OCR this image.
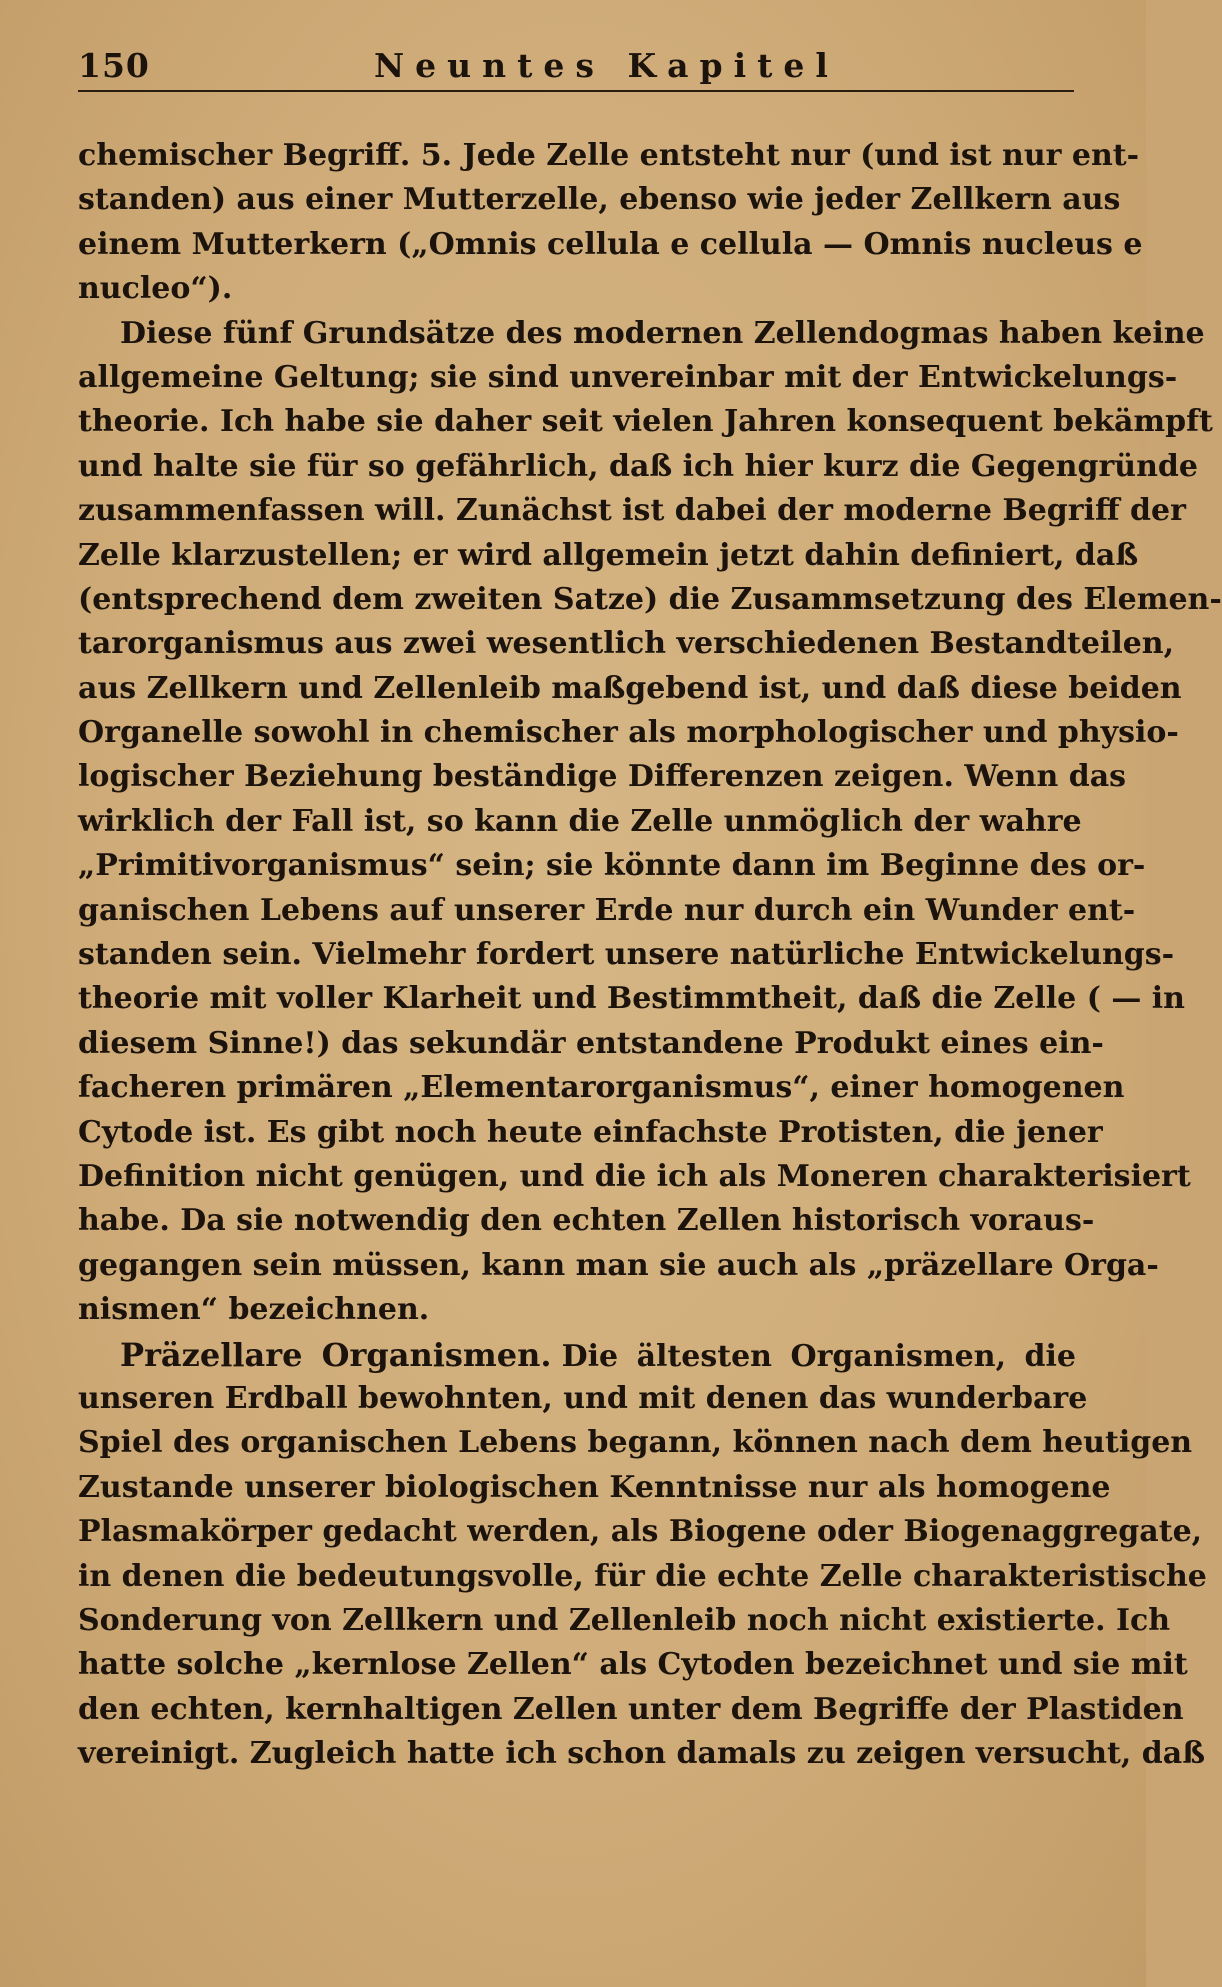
150	Neuntes Kapitel
chemischer Begriff. 5. Jede Zelle entsteht nur (und ist nur ent-
standen) aus einer Mutterzelle, ebenso wie jeder Zellkern aus
einem Mutterkern („Omnis cellula e cellula — Omnis nucleus e
nucleo“).
Diese fünf Grundsätze des modernen Zellendogmas haben keine
allgemeine Geltung; sie sind unvereinbar mit der Entwickelungs-
theorie. Ich habe sie daher seit vielen Jahren konsequent bekämpft
und halte sie für so gefährlich, daß ich hier kurz die Gegengründe
zusammenfassen will. Zunächst ist dabei der moderne Begriff der
Zelle klarzustellen; er wird allgemein jetzt dahin definiert, daß
(entsprechend dem zweiten Satze) die Zusammsetzung des Elemen-
tarorganismus aus zwei wesentlich verschiedenen Bestandteilen,
aus Zellkern und Zellenleib maßgebend ist, und daß diese beiden
Organelle sowohl in chemischer als morphologischer und physio-
logischer Beziehung beständige Differenzen zeigen. Wenn das
wirklich der Fall ist, so kann die Zelle unmöglich der wahre
„Primitivorganismus“ sein; sie könnte dann im Beginne des or-
ganischen Lebens auf unserer Erde nur durch ein Wunder ent-
standen sein. Vielmehr fordert unsere natürliche Entwickelungs-
theorie mit voller Klarheit und Bestimmtheit, daß die Zelle ( — in
diesem Sinne!) das sekundär entstandene Produkt eines ein-
facheren primären „Elementarorganismus“, einer homogenen
Cytode ist. Es gibt noch heute einfachste Protisten, die jener
Definition nicht genügen, und die ich als Moneren charakterisiert
habe. Da sie notwendig den echten Zellen historisch voraus-
gegangen sein müssen, kann man sie auch als „präzellare Orga-
nismen“ bezeichnen.
Präzellare Organismen. Die ältesten Organismen, die
unseren Erdball bewohnten, und mit denen das wunderbare
Spiel des organischen Lebens begann, können nach dem heutigen
Zustande unserer biologischen Kenntnisse nur als homogene
Plasmakörper gedacht werden, als Biogene oder Biogenaggregate,
in denen die bedeutungsvolle, für die echte Zelle charakteristische
Sonderung von Zellkern und Zellenleib noch nicht existierte. Ich
hatte solche „kernlose Zellen“ als Cytoden bezeichnet und sie mit
den echten, kernhaltigen Zellen unter dem Begriffe der Plastiden
vereinigt. Zugleich hatte ich schon damals zu zeigen versucht, daß
